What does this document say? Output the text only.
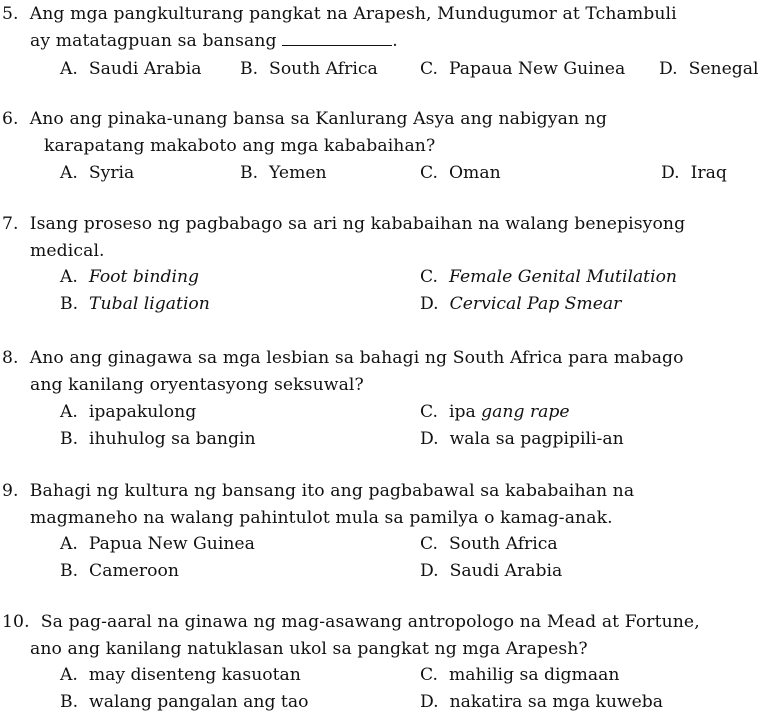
5. Ang mga pangkulturang pangkat na Arapesh, Mundugumor at Tchambuli
ay matatagpuan sa bansang	.
A. Saudi Arabia B. South Africa C. Papaua New Guinea D. Senegal
6. Ano ang pinaka-unang bansa sa Kanlurang Asya ang nabigyan ng
karapatang makaboto ang mga kababaihan?
A. Syria	B. Yemen	C. Oman	D. Iraq
7. Isang proseso ng pagbabago sa ari ng kababaihan na walang benepisyong
medical.
A. Foot binding
B. Tubal ligation
C. Female Genital Mutilation
D. Cervical Pap Smear
8. Ano ang ginagawa sa mga lesbian sa bahagi ng South Africa para mabago
ang kanilang oryentasyong seksuwal?
A. ipapakulong
B. ihuhulog sa bangin
C. ipa gang rape
D. wala sa pagpipili-an
9. Bahagi ng kultura ng bansang ito ang pagbabawal sa kababaihan na
magmaneho na walang pahintulot mula sa pamilya o kamag-anak.
A. Papua New Guinea
B. Cameroon
C. South Africa
D. Saudi Arabia
10. Sa pag-aaral na ginawa ng mag-asawang antropologo na Mead at Fortune,
ano ang kanilang natuklasan ukol sa pangkat ng mga Arapesh?
A. may disenteng kasuotan
B. walang pangalan ang tao
C. mahilig sa digmaan
D. nakatira sa mga kuweba
